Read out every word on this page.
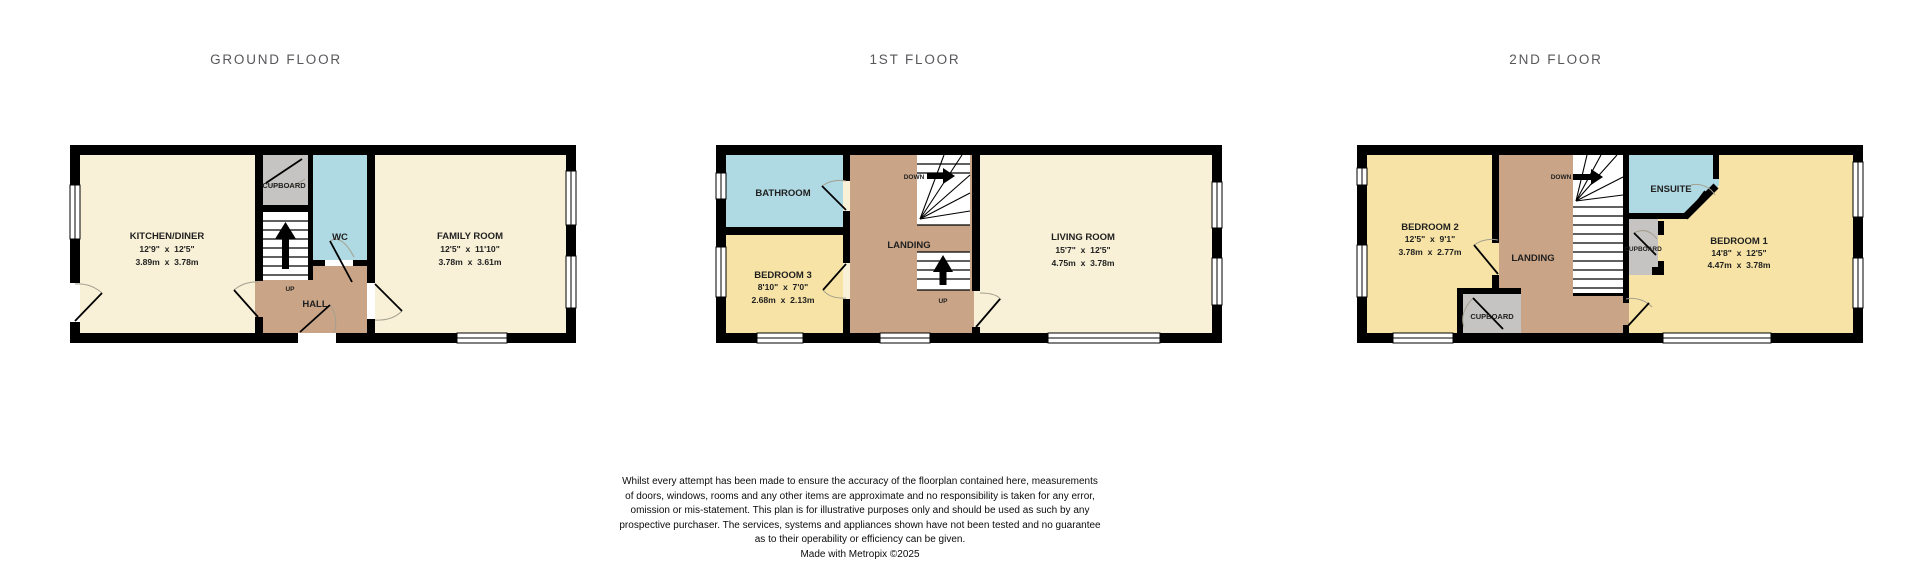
GROUND FLOOR	1ST FLOOR	2ND FLOOR
KITCHEN/DINER
12'9"  x  12'5"
3.89m  x  3.78m
CUPBOARD
WC
HALL
UP
FAMILY ROOM
12'5"  x  11'10"
3.78m  x  3.61m
BATHROOM
BEDROOM 3
8'10"  x  7'0"
2.68m  x  2.13m
LANDING
DOWN
UP
LIVING ROOM
15'7"  x  12'5"
4.75m  x  3.78m
BEDROOM 2
12'5"  x  9'1"
3.78m  x  2.77m
LANDING
DOWN
ENSUITE
CUPBOARD
CUPBOARD
BEDROOM 1
14'8"  x  12'5"
4.47m  x  3.78m
Whilst every attempt has been made to ensure the accuracy of the floorplan contained here, measurements
of doors, windows, rooms and any other items are approximate and no responsibility is taken for any error,
omission or mis-statement. This plan is for illustrative purposes only and should be used as such by any
prospective purchaser. The services, systems and appliances shown have not been tested and no guarantee
as to their operability or efficiency can be given.
Made with Metropix ©2025
